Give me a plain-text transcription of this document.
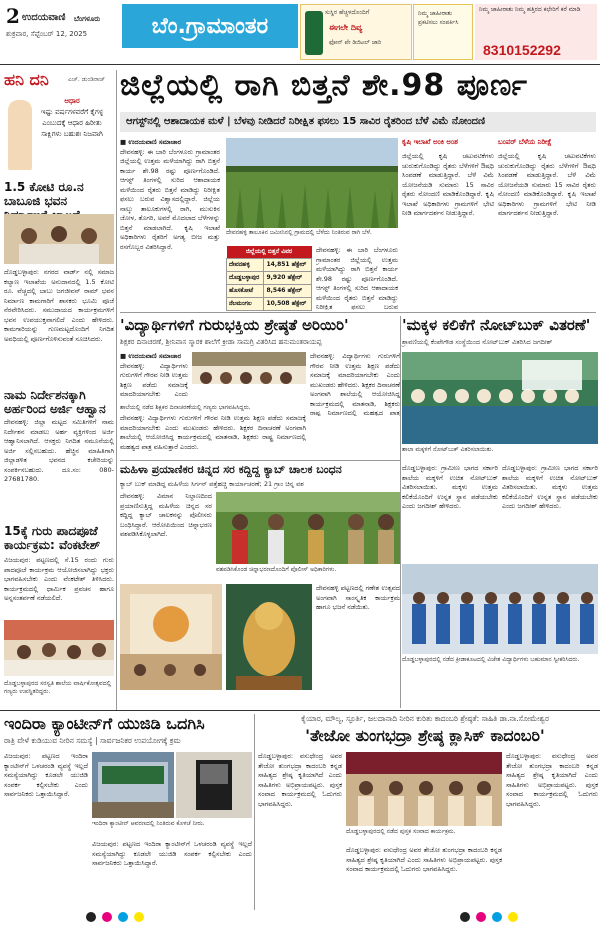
2 ಉದಯವಾಣಿ ಬೆಂಗಳೂರು
ಶುಕ್ರವಾರ, ಸೆಪ್ಟೆಂಬರ್ 12, 2025	ಬೆಂ.ಗ್ರಾಮಾಂತರ
ಸುಸ್ಥಿರ ಹೆಚ್ಚಳದೊಂದಿಗೆ
ಈಗಲೇ ದಿವ್ಯ
ಫೋನ್ ಪೇ ಡಿಜಿಟಲ್ ಜಾರಿ
ನಿಮ್ಮ ಜಾಹೀರಾತು ಪ್ರಕಟಿಸಲು ಸಂಪರ್ಕಿಸಿ
ನಿಮ್ಮ ಜಾಹೀರಾತು ನಿಮ್ಮ ಹತ್ತಿರದ ಕಛೇರಿಗೆ ಕರೆ ಮಾಡಿ
8310152292
ಹನಿ ದನಿ	ಎಚ್. ಡುಂಡಿರಾಜ್
ಆಧಾರ
ಇಷ್ಟು ವರ್ಷಗಳವರೆಗೆ ಕೈಗಳ್ಳ ಎಂಬುದಕ್ಕೆ ಆಧಾರ ಹಿರೀತು ಸಾಕ್ಷಿಗಳು ಬಹುಶಃ ನಿಜವಾಗಿ
ಜಿಲ್ಲೆಯಲ್ಲಿ ರಾಗಿ ಬಿತ್ತನೆ ಶೇ.98 ಪೂರ್ಣ
ಆಗಸ್ಟ್‌ನಲ್ಲಿ ಆಶಾದಾಯಕ ಮಳೆ | ಬೆಳವು ನೀಡಿದರೆ ನಿರೀಕ್ಷಿತ ಫಸಲು 15 ಸಾವಿರ ರೈತರಿಂದ ಬೆಳೆ ವಿಮೆ ನೋಂದಣಿ
■ ಉದಯವಾಣಿ ಸಮಾಚಾರ
ದೇವನಹಳ್ಳಿ: ಈ ಬಾರಿ ಬೆಂಗಳೂರು ಗ್ರಾಮಾಂತರ ಜಿಲ್ಲೆಯಲ್ಲಿ ಉತ್ತಮ ಮಳೆಯಾಗಿದ್ದು ರಾಗಿ ಬಿತ್ತನೆ ಕಾರ್ಯ ಶೇ.98 ರಷ್ಟು ಪೂರ್ಣಗೊಂಡಿದೆ. ಆಗಸ್ಟ್ ತಿಂಗಳಲ್ಲಿ ಸುರಿದ ಆಶಾದಾಯಕ ಮಳೆಯಿಂದ ರೈತರು ಬಿತ್ತನೆ ಮಾಡಿದ್ದು ನಿರೀಕ್ಷಿತ ಫಸಲು ಬರುವ ವಿಶ್ವಾಸದಲ್ಲಿದ್ದಾರೆ. ಜಿಲ್ಲೆಯ ನಾಲ್ಕು ತಾಲೂಕುಗಳಲ್ಲಿ ರಾಗಿ, ಮುಸುಕಿನ ಜೋಳ, ತೊಗರಿ, ಅವರೆ ಮೊದಲಾದ ಬೆಳೆಗಳನ್ನು ಬಿತ್ತನೆ ಮಾಡಲಾಗಿದೆ. ಕೃಷಿ ಇಲಾಖೆ ಅಧಿಕಾರಿಗಳು ರೈತರಿಗೆ ಅಗತ್ಯ ಬೀಜ ಮತ್ತು ರಸಗೊಬ್ಬರ ವಿತರಿಸಿದ್ದಾರೆ.
ದೇವನಹಳ್ಳಿ ತಾಲೂಕಿನ ಜಮೀನಿನಲ್ಲಿ ಗ್ರಾಮದಲ್ಲಿ ಬೆಳೆದು ನಿಂತಿರುವ ರಾಗಿ ಬೆಳೆ.
ಜಿಲ್ಲೆಯಲ್ಲಿ ಬಿತ್ತನೆ ವಿವರ	
ದೇವನಹಳ್ಳಿ	14,851 ಹೆಕ್ಟೇರ್
ದೊಡ್ಡಬಳ್ಳಾಪುರ	9,920 ಹೆಕ್ಟೇರ್
ಹೊಸಕೋಟೆ	8,546 ಹೆಕ್ಟೇರ್
ನೆಲಮಂಗಲ	10,508 ಹೆಕ್ಟೇರ್
ದೇವನಹಳ್ಳಿ: ಈ ಬಾರಿ ಬೆಂಗಳೂರು ಗ್ರಾಮಾಂತರ ಜಿಲ್ಲೆಯಲ್ಲಿ ಉತ್ತಮ ಮಳೆಯಾಗಿದ್ದು ರಾಗಿ ಬಿತ್ತನೆ ಕಾರ್ಯ ಶೇ.98 ರಷ್ಟು ಪೂರ್ಣಗೊಂಡಿದೆ. ಆಗಸ್ಟ್ ತಿಂಗಳಲ್ಲಿ ಸುರಿದ ಆಶಾದಾಯಕ ಮಳೆಯಿಂದ ರೈತರು ಬಿತ್ತನೆ ಮಾಡಿದ್ದು ನಿರೀಕ್ಷಿತ ಫಸಲು ಬರುವ
ಕೃಷಿ ಇಲಾಖೆ ಅಂಕಿ ಅಂಶ	ಬಂಪರ್ ಬೆಳೆಯ ನಿರೀಕ್ಷೆ
ಜಿಲ್ಲೆಯಲ್ಲಿ ಕೃಷಿ ಚಟುವಟಿಕೆಗಳು ಚುರುಕುಗೊಂಡಿದ್ದು ರೈತರು ಬೆಳೆಗಳಿಗೆ ಔಷಧಿ ಸಿಂಪಡಣೆ ಮಾಡುತ್ತಿದ್ದಾರೆ. ಬೆಳೆ ವಿಮೆ ಯೋಜನೆಯಡಿ ಸುಮಾರು 15 ಸಾವಿರ ರೈತರು ನೋಂದಣಿ ಮಾಡಿಕೊಂಡಿದ್ದಾರೆ. ಕೃಷಿ ಇಲಾಖೆ ಅಧಿಕಾರಿಗಳು ಗ್ರಾಮಗಳಿಗೆ ಭೇಟಿ ನೀಡಿ ಮಾರ್ಗದರ್ಶನ ನೀಡುತ್ತಿದ್ದಾರೆ.
ಜಿಲ್ಲೆಯಲ್ಲಿ ಕೃಷಿ ಚಟುವಟಿಕೆಗಳು ಚುರುಕುಗೊಂಡಿದ್ದು ರೈತರು ಬೆಳೆಗಳಿಗೆ ಔಷಧಿ ಸಿಂಪಡಣೆ ಮಾಡುತ್ತಿದ್ದಾರೆ. ಬೆಳೆ ವಿಮೆ ಯೋಜನೆಯಡಿ ಸುಮಾರು 15 ಸಾವಿರ ರೈತರು ನೋಂದಣಿ ಮಾಡಿಕೊಂಡಿದ್ದಾರೆ. ಕೃಷಿ ಇಲಾಖೆ ಅಧಿಕಾರಿಗಳು ಗ್ರಾಮಗಳಿಗೆ ಭೇಟಿ ನೀಡಿ ಮಾರ್ಗದರ್ಶನ ನೀಡುತ್ತಿದ್ದಾರೆ.
1.5 ಕೋಟಿ ರೂ.ನ ಬಾಬೂಜಿ ಭವನ
ದೊಡ್ಡಬಳ್ಳಾಪುರ: ನಗರದ ವಾರ್ಡ್ ನಲ್ಲಿ ಸಮಾಜ ಕಲ್ಯಾಣ ಇಲಾಖೆಯ ಅನುದಾನದಲ್ಲಿ 1.5 ಕೋಟಿ ರೂ. ವೆಚ್ಚದಲ್ಲಿ ಬಾಬು ಜಗಜೀವನ್ ರಾಮ್ ಭವನ ನಿರ್ಮಾಣ ಕಾಮಗಾರಿಗೆ ಶಾಸಕರು ಭೂಮಿ ಪೂಜೆ ನೆರವೇರಿಸಿದರು. ಸಮುದಾಯದ ಕಾರ್ಯಕ್ರಮಗಳಿಗೆ ಭವನ ಉಪಯುಕ್ತವಾಗಲಿದೆ ಎಂದು ಹೇಳಿದರು. ಕಾಮಗಾರಿಯನ್ನು ಗುಣಮಟ್ಟದೊಂದಿಗೆ ನಿಗದಿತ ಅವಧಿಯಲ್ಲಿ ಪೂರ್ಣಗೊಳಿಸುವಂತೆ ಸೂಚಿಸಿದರು.
ನಾಮ ನಿರ್ದೇಶನಕ್ಕಾಗಿ ಅರ್ಹರಿಂದ ಅರ್ಜಿ ಆಹ್ವಾನ
ದೇವನಹಳ್ಳಿ: ಜಿಲ್ಲಾ ಮಟ್ಟದ ಸಮಿತಿಗಳಿಗೆ ನಾಮ ನಿರ್ದೇಶನ ಮಾಡಲು ಅರ್ಹ ವ್ಯಕ್ತಿಗಳಿಂದ ಅರ್ಜಿ ಆಹ್ವಾನಿಸಲಾಗಿದೆ. ಆಸಕ್ತರು ನಿಗದಿತ ನಮೂನೆಯಲ್ಲಿ ಅರ್ಜಿ ಸಲ್ಲಿಸಬಹುದು. ಹೆಚ್ಚಿನ ಮಾಹಿತಿಗಾಗಿ ಜಿಲ್ಲಾಡಳಿತ ಭವನದ ಕಚೇರಿಯನ್ನು ಸಂಪರ್ಕಿಸಬಹುದು. ದೂ.ಸಂ: 080-27681780.
15ಕ್ಕೆ ಗುರು ಪಾದಪೂಜೆ ಕಾರ್ಯಕ್ರಮ: ವೆಂಕಟೇಶ್
ವಿಜಯಪುರ: ಪಟ್ಟಣದಲ್ಲಿ ಸೆ.15 ರಂದು ಗುರು ಪಾದಪೂಜೆ ಕಾರ್ಯಕ್ರಮ ಆಯೋಜಿಸಲಾಗಿದ್ದು ಭಕ್ತರು ಭಾಗವಹಿಸಬೇಕು ಎಂದು ವೆಂಕಟೇಶ್ ತಿಳಿಸಿದರು. ಕಾರ್ಯಕ್ರಮದಲ್ಲಿ ಧಾರ್ಮಿಕ ಪ್ರವಚನ ಹಾಗೂ ಅನ್ನಸಂತರ್ಪಣೆ ನಡೆಯಲಿದೆ.
ದೊಡ್ಡಬಳ್ಳಾಪುರದ ಸರಸ್ವತಿ ಶಾಲೆಯ ವಾರ್ಷಿಕೋತ್ಸವದಲ್ಲಿ ಗಣ್ಯರು ಉಪಸ್ಥಿತರಿದ್ದರು.
'ವಿದ್ಯಾರ್ಥಿಗಳಿಗೆ ಗುರುಭಕ್ತಿಯ ಶ್ರೇಷ್ಠತೆ ಅರಿಯಿರಿ'
ಶಿಕ್ಷಕರ ದಿನಾಚರಣೆ, ಶ್ರೀನಿವಾಸ ಸ್ಮಾರಕ ಶಾಲೆಗೆ ಕ್ರೀಡಾ ಸಾಮಗ್ರಿ ವಿತರಿಸಿದ ಹನುಮಂತರಾಯಪ್ಪ
■ ಉದಯವಾಣಿ ಸಮಾಚಾರ
ದೇವನಹಳ್ಳಿ: ವಿದ್ಯಾರ್ಥಿಗಳು ಗುರುಗಳಿಗೆ ಗೌರವ ನೀಡಿ ಉತ್ತಮ ಶಿಕ್ಷಣ ಪಡೆದು ಸಮಾಜಕ್ಕೆ ಮಾದರಿಯಾಗಬೇಕು ಎಂದು
ಶಾಲೆಯಲ್ಲಿ ನಡೆದ ಶಿಕ್ಷಕರ ದಿನಾಚರಣೆಯಲ್ಲಿ ಗಣ್ಯರು ಭಾಗವಹಿಸಿದ್ದರು.
ದೇವನಹಳ್ಳಿ: ವಿದ್ಯಾರ್ಥಿಗಳು ಗುರುಗಳಿಗೆ ಗೌರವ ನೀಡಿ ಉತ್ತಮ ಶಿಕ್ಷಣ ಪಡೆದು ಸಮಾಜಕ್ಕೆ ಮಾದರಿಯಾಗಬೇಕು ಎಂದು ಮುಖಂಡರು ಹೇಳಿದರು. ಶಿಕ್ಷಕರ ದಿನಾಚರಣೆ ಅಂಗವಾಗಿ ಶಾಲೆಯಲ್ಲಿ ಆಯೋಜಿಸಿದ್ದ ಕಾರ್ಯಕ್ರಮದಲ್ಲಿ ಮಾತನಾಡಿ, ಶಿಕ್ಷಕರು ರಾಷ್ಟ್ರ ನಿರ್ಮಾಣದಲ್ಲಿ ಮಹತ್ವದ ಪಾತ್ರ
ದೇವನಹಳ್ಳಿ: ವಿದ್ಯಾರ್ಥಿಗಳು ಗುರುಗಳಿಗೆ ಗೌರವ ನೀಡಿ ಉತ್ತಮ ಶಿಕ್ಷಣ ಪಡೆದು ಸಮಾಜಕ್ಕೆ ಮಾದರಿಯಾಗಬೇಕು ಎಂದು ಮುಖಂಡರು ಹೇಳಿದರು. ಶಿಕ್ಷಕರ ದಿನಾಚರಣೆ ಅಂಗವಾಗಿ ಶಾಲೆಯಲ್ಲಿ ಆಯೋಜಿಸಿದ್ದ ಕಾರ್ಯಕ್ರಮದಲ್ಲಿ ಮಾತನಾಡಿ, ಶಿಕ್ಷಕರು ರಾಷ್ಟ್ರ ನಿರ್ಮಾಣದಲ್ಲಿ ಮಹತ್ವದ ಪಾತ್ರ ವಹಿಸುತ್ತಾರೆ ಎಂದರು.
ಮಹಿಳಾ ಪ್ರಯಾಣಿಕರ ಚಿನ್ನದ ಸರ ಕದ್ದಿದ್ದ ಕ್ಯಾಬ್ ಚಾಲಕ ಬಂಧನ
ಕ್ಯಾಬ್ ಬುಕ್ ಮಾಡಿದ್ದ ಮಹಿಳೆಯ ಸಿರ್ಗನ್ ಪತ್ತೆಹಚ್ಚಿ ಕಾರ್ಯಾಚರಣೆ; 21 ಗ್ರಾಂ ಚಿನ್ನ ವಶ
ದೇವನಹಳ್ಳಿ: ವಿಮಾನ ನಿಲ್ದಾಣದಿಂದ ಪ್ರಯಾಣಿಸುತ್ತಿದ್ದ ಮಹಿಳೆಯ ಚಿನ್ನದ ಸರ ಕದ್ದಿದ್ದ ಕ್ಯಾಬ್ ಚಾಲಕನನ್ನು ಪೊಲೀಸರು ಬಂಧಿಸಿದ್ದಾರೆ. ಆರೋಪಿಯಿಂದ ಚಿನ್ನಾಭರಣ ವಶಪಡಿಸಿಕೊಳ್ಳಲಾಗಿದೆ.
ವಶಪಡಿಸಿಕೊಂಡ ಚಿನ್ನಾಭರಣದೊಂದಿಗೆ ಪೊಲೀಸ್ ಅಧಿಕಾರಿಗಳು.
ದೇವನಹಳ್ಳಿ ಪಟ್ಟಣದಲ್ಲಿ ಗಣೇಶ ಉತ್ಸವದ ಅಂಗವಾಗಿ ಸಾಂಸ್ಕೃತಿಕ ಕಾರ್ಯಕ್ರಮ ಹಾಗೂ ಭಜನೆ ನಡೆಯಿತು.
'ಮಕ್ಕಳ ಕಲಿಕೆಗೆ ನೋಟ್‌ಬುಕ್ ವಿತರಣೆ'
ಶ್ರಾವಣಿಯಲ್ಲಿ ಕೆಂಪೇಗೌಡ ಸಂಸ್ಥೆಯಿಂದ ನೋಟ್‌ಬುಕ್ ವಿತರಿಸಿದ ಜಗದೀಶ್
ಶಾಲಾ ಮಕ್ಕಳಿಗೆ ನೋಟ್‌ಬುಕ್ ವಿತರಿಸಲಾಯಿತು.
ದೊಡ್ಡಬಳ್ಳಾಪುರ: ಗ್ರಾಮೀಣ ಭಾಗದ ಸರ್ಕಾರಿ ಶಾಲೆಯ ಮಕ್ಕಳಿಗೆ ಉಚಿತ ನೋಟ್‌ಬುಕ್ ವಿತರಿಸಲಾಯಿತು. ಮಕ್ಕಳು ಉತ್ತಮ ಕಲಿಕೆಯೊಂದಿಗೆ ಉನ್ನತ ಸ್ಥಾನ ಪಡೆಯಬೇಕು ಎಂದು ಜಗದೀಶ್ ಹೇಳಿದರು.
ದೊಡ್ಡಬಳ್ಳಾಪುರ: ಗ್ರಾಮೀಣ ಭಾಗದ ಸರ್ಕಾರಿ ಶಾಲೆಯ ಮಕ್ಕಳಿಗೆ ಉಚಿತ ನೋಟ್‌ಬುಕ್ ವಿತರಿಸಲಾಯಿತು. ಮಕ್ಕಳು ಉತ್ತಮ ಕಲಿಕೆಯೊಂದಿಗೆ ಉನ್ನತ ಸ್ಥಾನ ಪಡೆಯಬೇಕು ಎಂದು ಜಗದೀಶ್ ಹೇಳಿದರು.
ದೊಡ್ಡಬಳ್ಳಾಪುರದಲ್ಲಿ ನಡೆದ ಕ್ರೀಡಾಕೂಟದಲ್ಲಿ ವಿಜೇತ ವಿದ್ಯಾರ್ಥಿಗಳು ಬಹುಮಾನ ಸ್ವೀಕರಿಸಿದರು.
ಇಂದಿರಾ ಕ್ಯಾಂಟೀನ್‌ಗೆ ಯುಜಿಡಿ ಒದಗಿಸಿ
ರಾತ್ರಿ ವೇಳೆ ಕುಡಿಯುವ ನೀರಿನ ಸಮಸ್ಯೆ | ಸಾರ್ವಜನಿಕರ ಉಪಯೋಗಕ್ಕೆ ಕ್ರಮ
ವಿಜಯಪುರ: ಪಟ್ಟಣದ ಇಂದಿರಾ ಕ್ಯಾಂಟೀನ್‌ಗೆ ಒಳಚರಂಡಿ ವ್ಯವಸ್ಥೆ ಇಲ್ಲದೆ ಸಮಸ್ಯೆಯಾಗಿದ್ದು ಕೂಡಲೇ ಯುಜಿಡಿ ಸಂಪರ್ಕ ಕಲ್ಪಿಸಬೇಕು ಎಂದು ಸಾರ್ವಜನಿಕರು ಒತ್ತಾಯಿಸಿದ್ದಾರೆ.
ಇಂದಿರಾ ಕ್ಯಾಂಟೀನ್ ಆವರಣದಲ್ಲಿ ನಿಂತಿರುವ ಕೊಳಚೆ ನೀರು.
ವಿಜಯಪುರ: ಪಟ್ಟಣದ ಇಂದಿರಾ ಕ್ಯಾಂಟೀನ್‌ಗೆ ಒಳಚರಂಡಿ ವ್ಯವಸ್ಥೆ ಇಲ್ಲದೆ ಸಮಸ್ಯೆಯಾಗಿದ್ದು ಕೂಡಲೇ ಯುಜಿಡಿ ಸಂಪರ್ಕ ಕಲ್ಪಿಸಬೇಕು ಎಂದು ಸಾರ್ವಜನಿಕರು ಒತ್ತಾಯಿಸಿದ್ದಾರೆ.
ಕೈಯಾರ, ಮೌಲ್ಯ, ಸ್ಫೂರ್ತಿ, ಜಲದಾನಾದಿ ನೀರಿನ ಕುರಿತು ಕಾದಂಬರಿ ಶ್ರೇಷ್ಠತೆ: ಸಾಹಿತಿ ಡಾ.ನಾ.ಸೋಮೇಶ್ವರ
'ತೇಜೋ ತುಂಗಭದ್ರಾ ಶ್ರೇಷ್ಠ ಕ್ಲಾಸಿಕ್ ಕಾದಂಬರಿ'
ದೊಡ್ಡಬಳ್ಳಾಪುರ: ವಸುಧೇಂದ್ರ ಅವರ ತೇಜೋ ತುಂಗಭದ್ರಾ ಕಾದಂಬರಿ ಕನ್ನಡ ಸಾಹಿತ್ಯದ ಶ್ರೇಷ್ಠ ಕೃತಿಯಾಗಿದೆ ಎಂದು ಸಾಹಿತಿಗಳು ಅಭಿಪ್ರಾಯಪಟ್ಟರು. ಪುಸ್ತಕ ಸಂವಾದ ಕಾರ್ಯಕ್ರಮದಲ್ಲಿ ಓದುಗರು ಭಾಗವಹಿಸಿದ್ದರು.
ದೊಡ್ಡಬಳ್ಳಾಪುರದಲ್ಲಿ ನಡೆದ ಪುಸ್ತಕ ಸಂವಾದ ಕಾರ್ಯಕ್ರಮ.
ದೊಡ್ಡಬಳ್ಳಾಪುರ: ವಸುಧೇಂದ್ರ ಅವರ ತೇಜೋ ತುಂಗಭದ್ರಾ ಕಾದಂಬರಿ ಕನ್ನಡ ಸಾಹಿತ್ಯದ ಶ್ರೇಷ್ಠ ಕೃತಿಯಾಗಿದೆ ಎಂದು ಸಾಹಿತಿಗಳು ಅಭಿಪ್ರಾಯಪಟ್ಟರು. ಪುಸ್ತಕ ಸಂವಾದ ಕಾರ್ಯಕ್ರಮದಲ್ಲಿ ಓದುಗರು ಭಾಗವಹಿಸಿದ್ದರು.
ದೊಡ್ಡಬಳ್ಳಾಪುರ: ವಸುಧೇಂದ್ರ ಅವರ ತೇಜೋ ತುಂಗಭದ್ರಾ ಕಾದಂಬರಿ ಕನ್ನಡ ಸಾಹಿತ್ಯದ ಶ್ರೇಷ್ಠ ಕೃತಿಯಾಗಿದೆ ಎಂದು ಸಾಹಿತಿಗಳು ಅಭಿಪ್ರಾಯಪಟ್ಟರು. ಪುಸ್ತಕ ಸಂವಾದ ಕಾರ್ಯಕ್ರಮದಲ್ಲಿ ಓದುಗರು ಭಾಗವಹಿಸಿದ್ದರು.
